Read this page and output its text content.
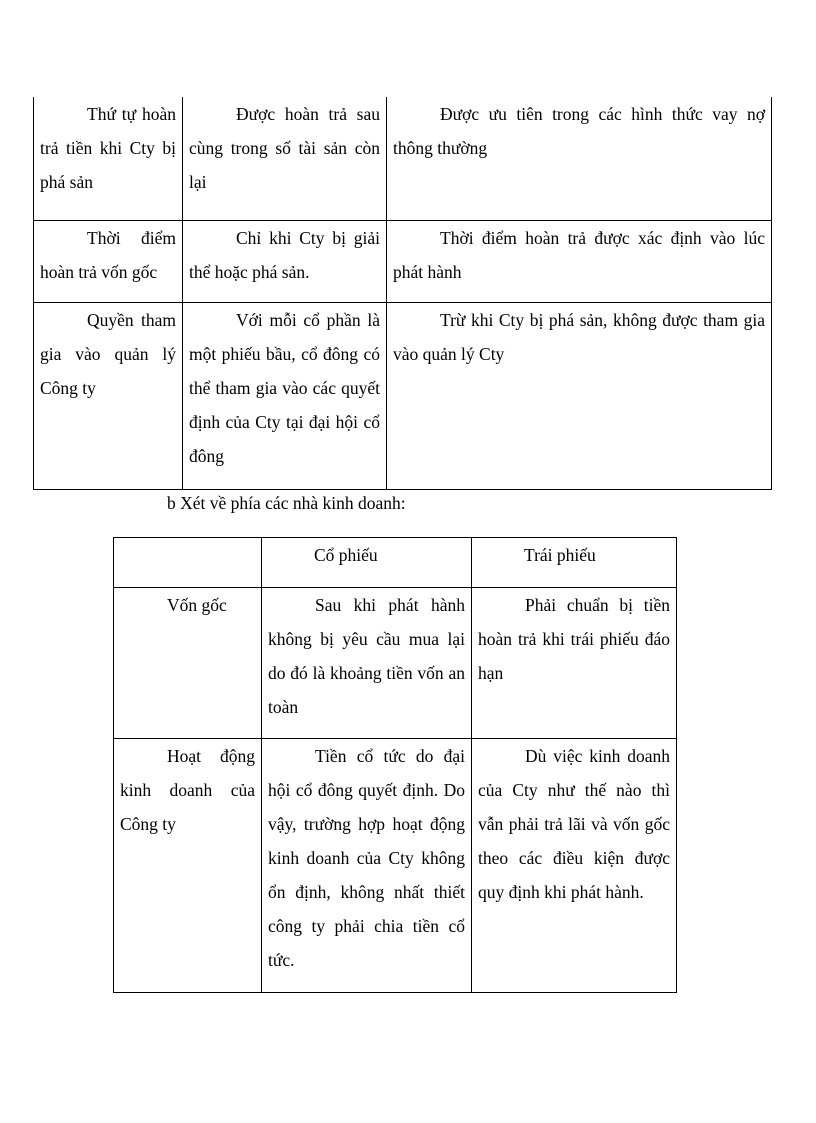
Thứ tự hoàn trả tiền khi Cty bị phá sản	Được hoàn trả sau cùng trong số tài sản còn lại	Được ưu tiên trong các hình thức vay nợ thông thường
Thời điểm hoàn trả vốn gốc	Chỉ khi Cty bị giải thể hoặc phá sản.	Thời điểm hoàn trả được xác định vào lúc phát hành
Quyền tham gia vào quản lý Công ty	Với mỗi cổ phần là một phiếu bầu, cổ đông có thể tham gia vào các quyết định của Cty tại đại hội cổ đông	Trừ khi Cty bị phá sản, không được tham gia vào quản lý Cty
b Xét về phía các nhà kinh doanh:
	Cổ phiếu	Trái phiếu
Vốn gốc	Sau khi phát hành không bị yêu cầu mua lại do đó là khoảng tiền vốn an toàn	Phải chuẩn bị tiền hoàn trả khi trái phiếu đáo hạn
Hoạt động kinh doanh của Công ty	Tiền cổ tức do đại hội cổ đông quyết định. Do vậy, trường hợp hoạt động kinh doanh của Cty không ổn định, không nhất thiết công ty phải chia tiền cổ tức.	Dù việc kinh doanh của Cty như thế nào thì vẫn phải trả lãi và vốn gốc theo các điều kiện được quy định khi phát hành.
